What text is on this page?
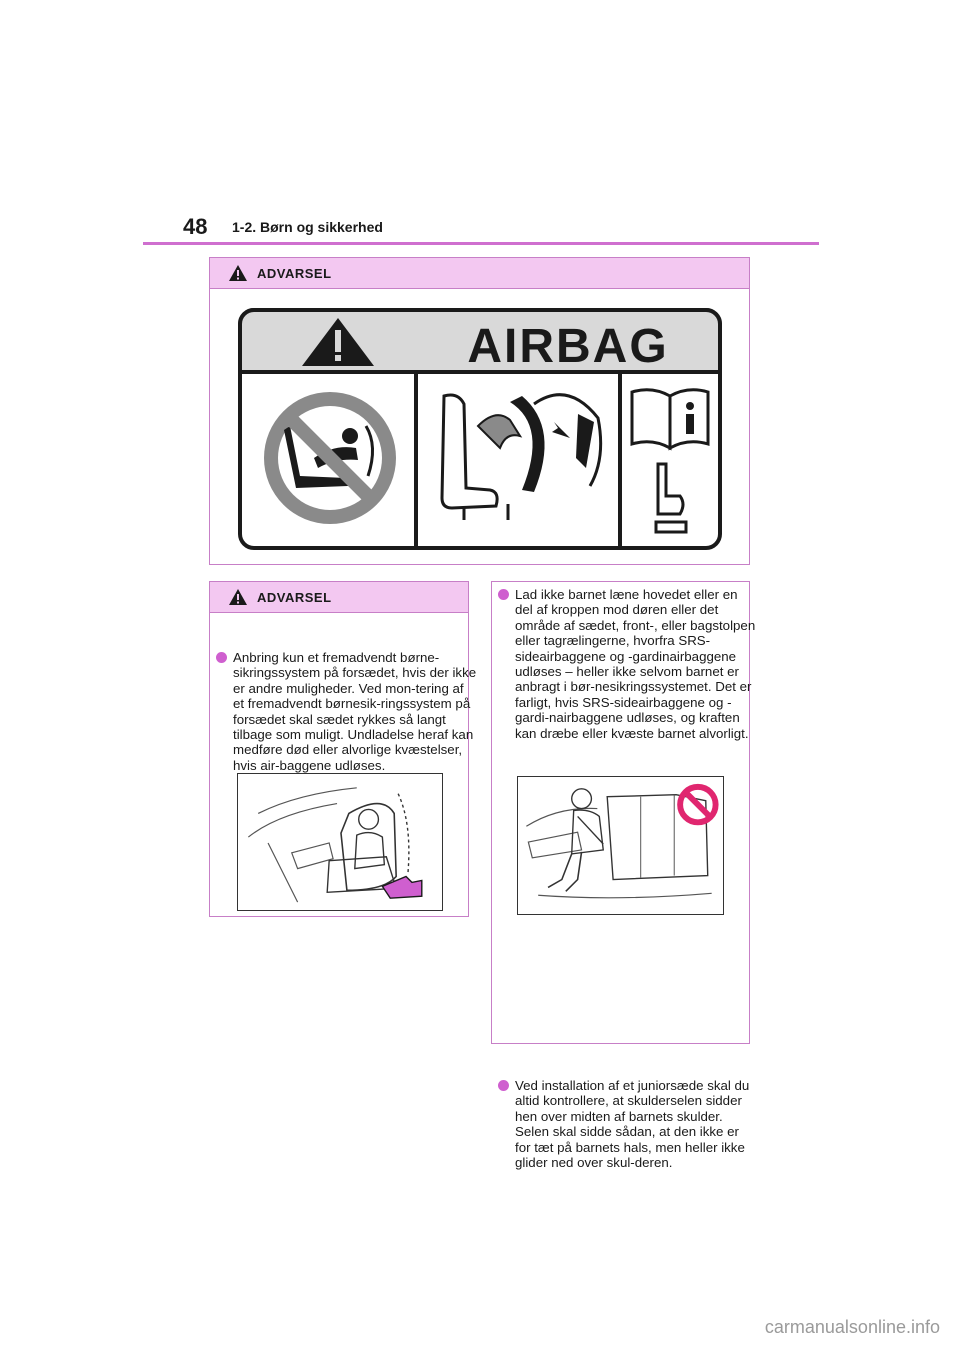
48 1-2. Børn og sikkerhed
ADVARSEL
AIRBAG
ADVARSEL
Anbring kun et fremadvendt børne-sikringssystem på forsædet, hvis der ikke er andre muligheder. Ved mon-tering af et fremadvendt børnesik-ringssystem på forsædet skal sædet rykkes så langt tilbage som muligt. Undladelse heraf kan medføre død eller alvorlige kvæstelser, hvis air-baggene udløses.
Lad ikke barnet læne hovedet eller en del af kroppen mod døren eller det område af sædet, front-, eller bagstolpen eller tagrælingerne, hvorfra SRS-sideairbaggene og -gardinairbaggene udløses – heller ikke selvom barnet er anbragt i bør-nesikringssystemet. Det er farligt, hvis SRS-sideairbaggene og -gardi-nairbaggene udløses, og kraften kan dræbe eller kvæste barnet alvorligt.
Ved installation af et juniorsæde skal du altid kontrollere, at skulderselen sidder hen over midten af barnets skulder. Selen skal sidde sådan, at den ikke er for tæt på barnets hals, men heller ikke glider ned over skul-deren.
carmanualsonline.info
